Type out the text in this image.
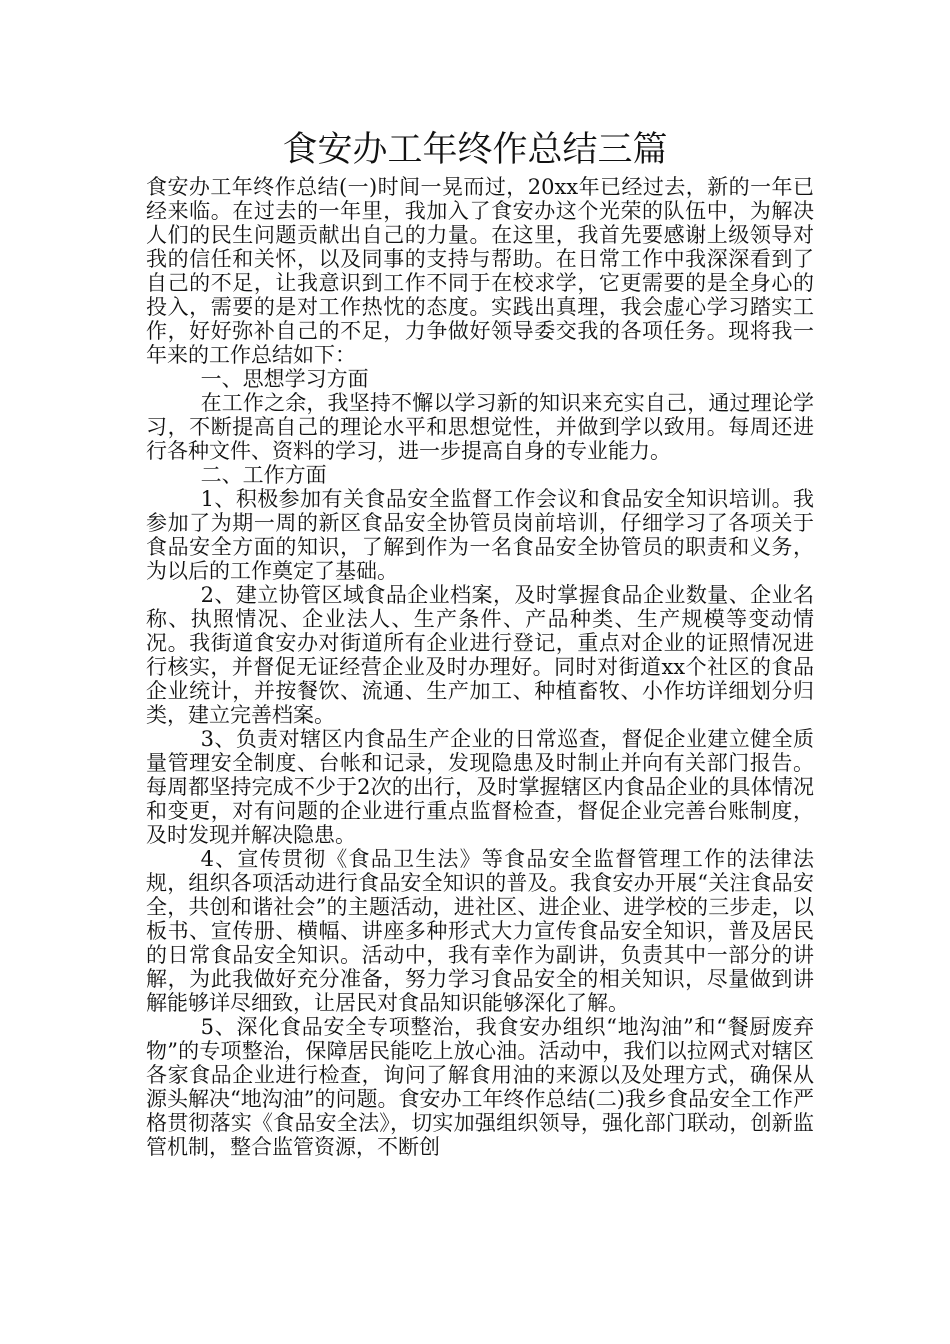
食安办工年终作总结三篇

食安办工年终作总结(一)时间一晃而过，20xx年已经过去，新的一年已经来临。在过去的一年里，我加入了食安办这个光荣的队伍中，为解决人们的民生问题贡献出自己的力量。在这里，我首先要感谢上级领导对我的信任和关怀，以及同事的支持与帮助。在日常工作中我深深看到了自己的不足，让我意识到工作不同于在校求学，它更需要的是全身心的投入，需要的是对工作热忱的态度。实践出真理，我会虚心学习踏实工作，好好弥补自己的不足，力争做好领导委交我的各项任务。现将我一年来的工作总结如下：

一、思想学习方面

在工作之余，我坚持不懈以学习新的知识来充实自己，通过理论学习，不断提高自己的理论水平和思想觉性，并做到学以致用。每周还进行各种文件、资料的学习，进一步提高自身的专业能力。

二、工作方面

1、积极参加有关食品安全监督工作会议和食品安全知识培训。我参加了为期一周的新区食品安全协管员岗前培训，仔细学习了各项关于食品安全方面的知识，了解到作为一名食品安全协管员的职责和义务，为以后的工作奠定了基础。

2、建立协管区域食品企业档案，及时掌握食品企业数量、企业名称、执照情况、企业法人、生产条件、产品种类、生产规模等变动情况。我街道食安办对街道所有企业进行登记，重点对企业的证照情况进行核实，并督促无证经营企业及时办理好。同时对街道xx个社区的食品企业统计，并按餐饮、流通、生产加工、种植畜牧、小作坊详细划分归类，建立完善档案。

3、负责对辖区内食品生产企业的日常巡查，督促企业建立健全质量管理安全制度、台帐和记录，发现隐患及时制止并向有关部门报告。每周都坚持完成不少于2次的出行，及时掌握辖区内食品企业的具体情况和变更，对有问题的企业进行重点监督检查，督促企业完善台账制度，及时发现并解决隐患。

4、宣传贯彻《食品卫生法》等食品安全监督管理工作的法律法规，组织各项活动进行食品安全知识的普及。我食安办开展“关注食品安全，共创和谐社会”的主题活动，进社区、进企业、进学校的三步走，以板书、宣传册、横幅、讲座多种形式大力宣传食品安全知识，普及居民的日常食品安全知识。活动中，我有幸作为副讲，负责其中一部分的讲解，为此我做好充分准备，努力学习食品安全的相关知识，尽量做到讲解能够详尽细致，让居民对食品知识能够深化了解。

5、深化食品安全专项整治，我食安办组织“地沟油”和“餐厨废弃物”的专项整治，保障居民能吃上放心油。活动中，我们以拉网式对辖区各家食品企业进行检查，询问了解食用油的来源以及处理方式，确保从源头解决“地沟油”的问题。食安办工年终作总结(二)我乡食品安全工作严格贯彻落实《食品安全法》，切实加强组织领导，强化部门联动，创新监管机制，整合监管资源，不断创
